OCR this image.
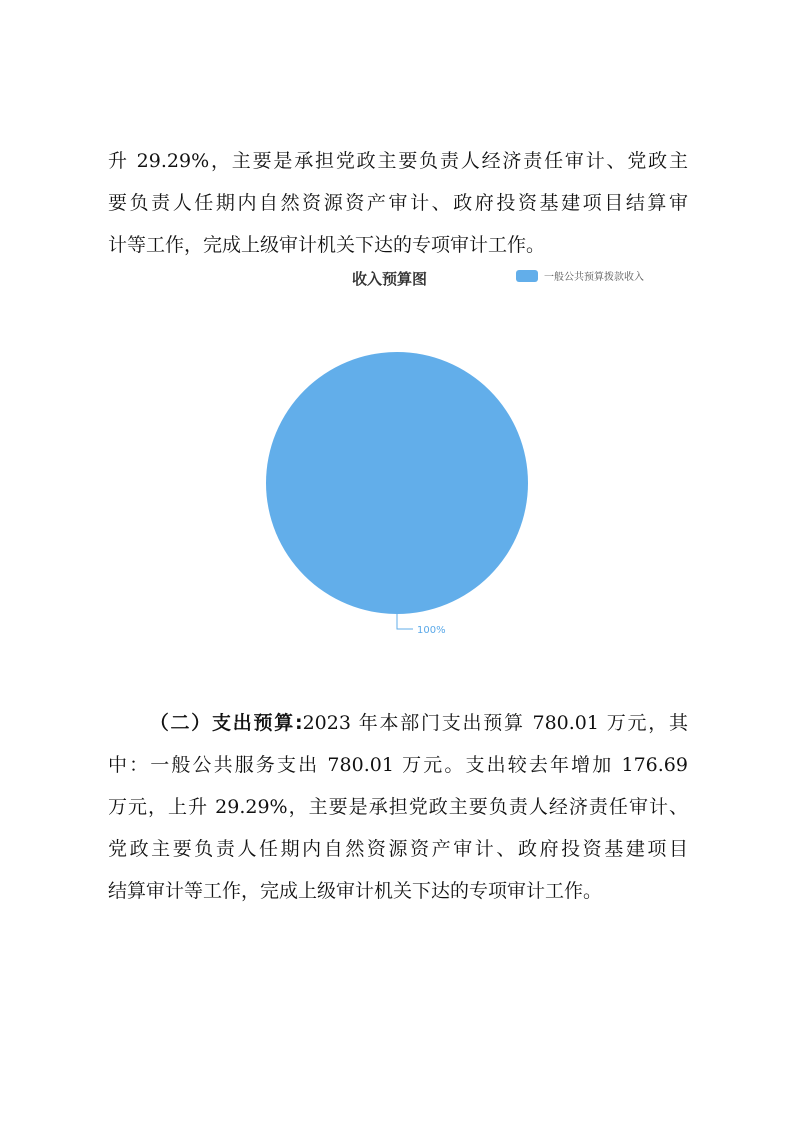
升 29.29%，主要是承担党政主要负责人经济责任审计、党政主
要负责人任期内自然资源资产审计、政府投资基建项目结算审
计等工作，完成上级审计机关下达的专项审计工作。
收入预算图	一般公共预算拨款收入
100%
（二）支出预算:2023 年本部门支出预算 780.01 万元，其
中：一般公共服务支出 780.01 万元。支出较去年增加 176.69
万元，上升 29.29%，主要是承担党政主要负责人经济责任审计、
党政主要负责人任期内自然资源资产审计、政府投资基建项目
结算审计等工作，完成上级审计机关下达的专项审计工作。
